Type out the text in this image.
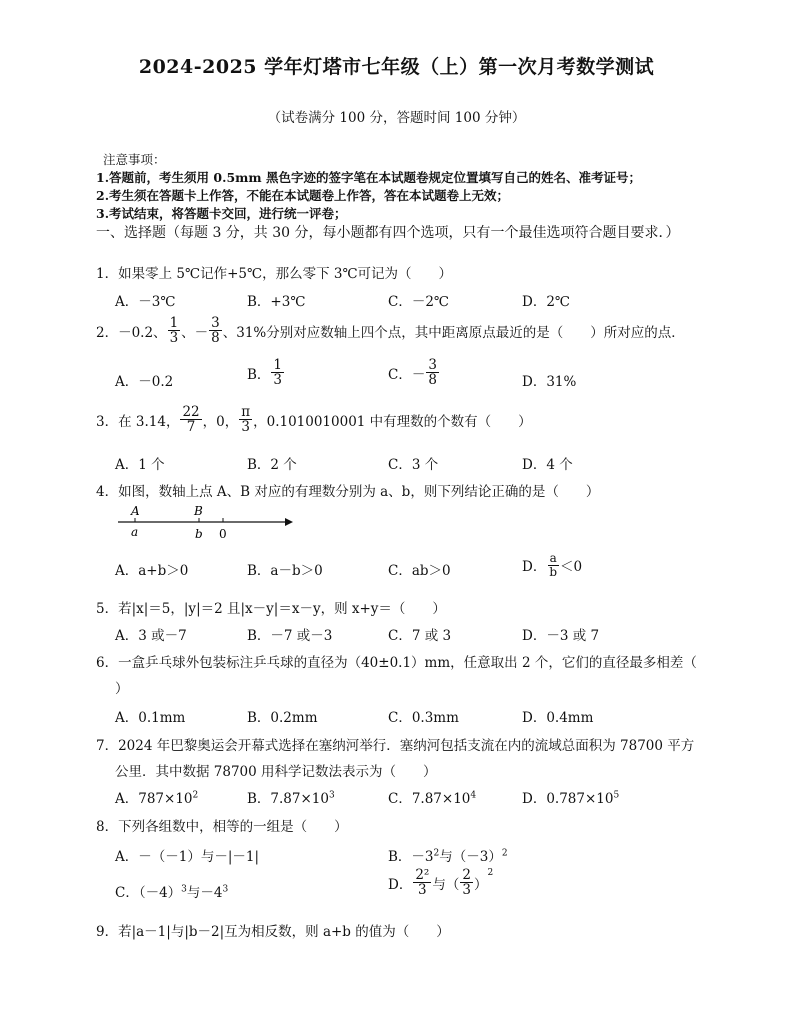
2024-2025 学年灯塔市七年级（上）第一次月考数学测试
（试卷满分 100 分，答题时间 100 分钟）
注意事项：
1.答题前，考生须用 0.5mm 黑色字迹的签字笔在本试题卷规定位置填写自己的姓名、准考证号；
2.考生须在答题卡上作答，不能在本试题卷上作答，答在本试题卷上无效；
3.考试结束，将答题卡交回，进行统一评卷；
一、选择题（每题 3 分，共 30 分，每小题都有四个选项，只有一个最佳选项符合题目要求．）
1．如果零上 5℃记作+5℃，那么零下 3℃可记为（　　）
A．－3℃	B．+3℃	C．－2℃	D．2℃
2．－0.2、 $\frac{1}{3}$ 、－ $\frac{3}{8}$ 、31%分别对应数轴上四个点，其中距离原点最近的是（　　）所对应的点．
A．－0.2	B． $\frac{1}{3}$	C． － $\frac{3}{8}$	D．31%
3．在 3.14， $\frac{22}{7}$ ，0， $\frac{\pi}{3}$ ，0.1010010001 中有理数的个数有（　　）
A．1 个	B．2 个	C．3 个	D．4 个
4．如图，数轴上点 A、B 对应的有理数分别为 a、b，则下列结论正确的是（　　）
A	B
a	b 0
A．a+b＞0	B．a－b＞0	C．ab＞0	D． $\frac{a}{b} <0$
5．若|x|＝5，|y|＝2 且|x－y|＝x－y，则 x+y＝（　　）
A．3 或－7	B．－7 或－3	C．7 或 3	D．－3 或 7
6．一盒乒乓球外包装标注乒乓球的直径为（40±0.1）mm，任意取出 2 个，它们的直径最多相差（
）
A．0.1mm	B．0.2mm	C．0.3mm	D．0.4mm
7．2024 年巴黎奥运会开幕式选择在塞纳河举行．塞纳河包括支流在内的流域总面积为 78700 平方
公里．其中数据 78700 用科学记数法表示为（　　）
A．$787\times 10^2$	B．$7.87\times 10^3$	C．$7.87\times 10^4$	D．$0.787\times 10^5$
8．下列各组数中，相等的一组是（　　）
A．－（－1）与－|－1|	B．$-3^2$与$(-3)^2$
C．$(-4)^3$与$-4^3$	D． $\frac{\text{2²}}{3}$ 与（ $\frac{2}{3}$ ）
$^2$
9．若|a－1|与|b－2|互为相反数，则 a+b 的值为（　　）
